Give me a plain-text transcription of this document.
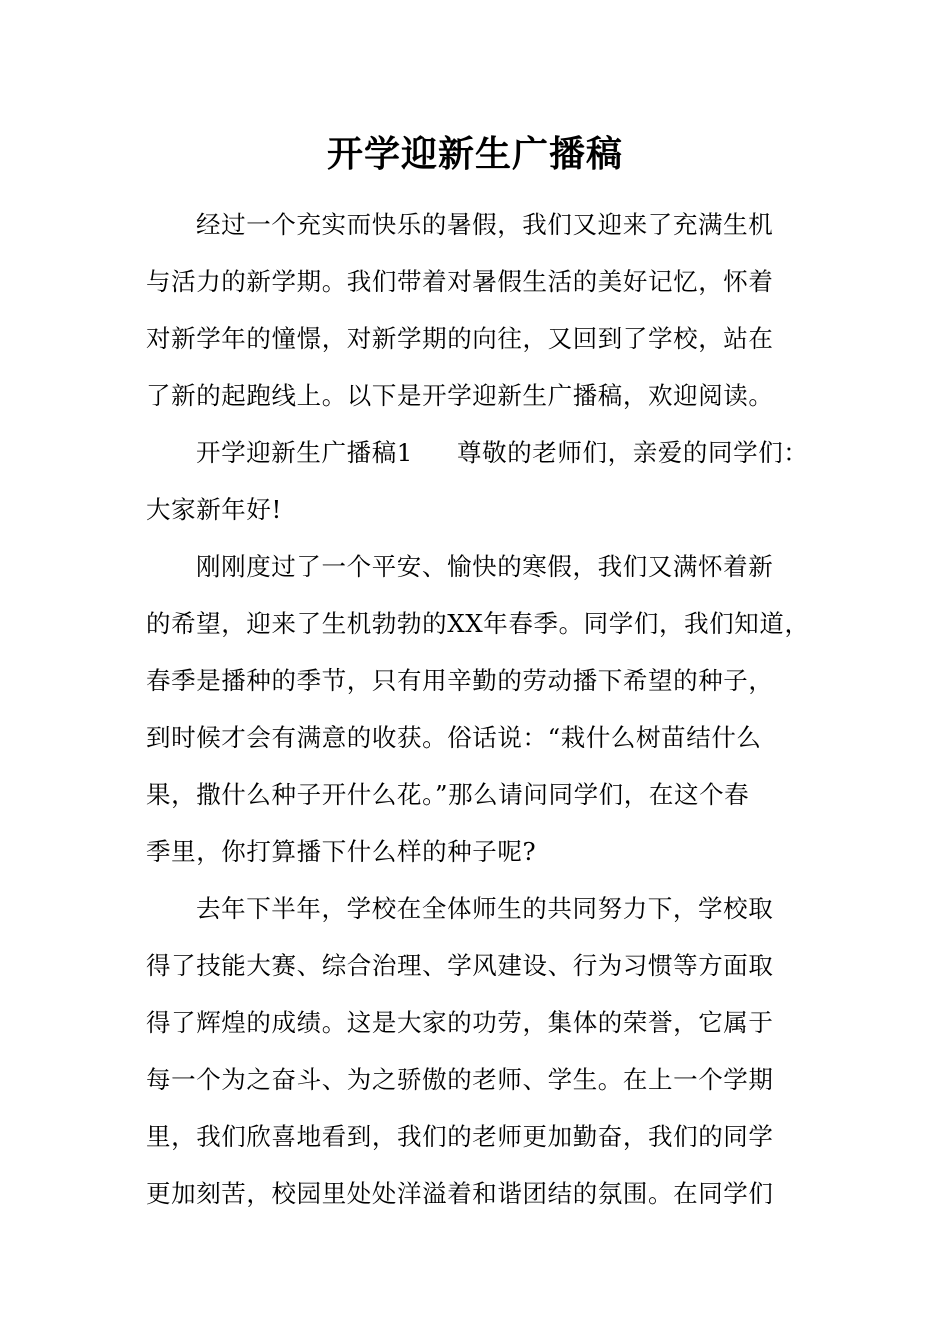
开学迎新生广播稿
经过一个充实而快乐的暑假，我们又迎来了充满生机
与活力的新学期。我们带着对暑假生活的美好记忆，怀着
对新学年的憧憬，对新学期的向往，又回到了学校，站在
了新的起跑线上。以下是开学迎新生广播稿，欢迎阅读。
开学迎新生广播稿1 尊敬的老师们，亲爱的同学们：
大家新年好!
刚刚度过了一个平安、愉快的寒假，我们又满怀着新
的希望，迎来了生机勃勃的XX年春季。同学们，我们知道，
春季是播种的季节，只有用辛勤的劳动播下希望的种子，
到时候才会有满意的收获。俗话说：“栽什么树苗结什么
果，撒什么种子开什么花。”那么请问同学们，在这个春
季里，你打算播下什么样的种子呢?
去年下半年，学校在全体师生的共同努力下，学校取
得了技能大赛、综合治理、学风建设、行为习惯等方面取
得了辉煌的成绩。这是大家的功劳，集体的荣誉，它属于
每一个为之奋斗、为之骄傲的老师、学生。在上一个学期
里，我们欣喜地看到，我们的老师更加勤奋，我们的同学
更加刻苦，校园里处处洋溢着和谐团结的氛围。在同学们
